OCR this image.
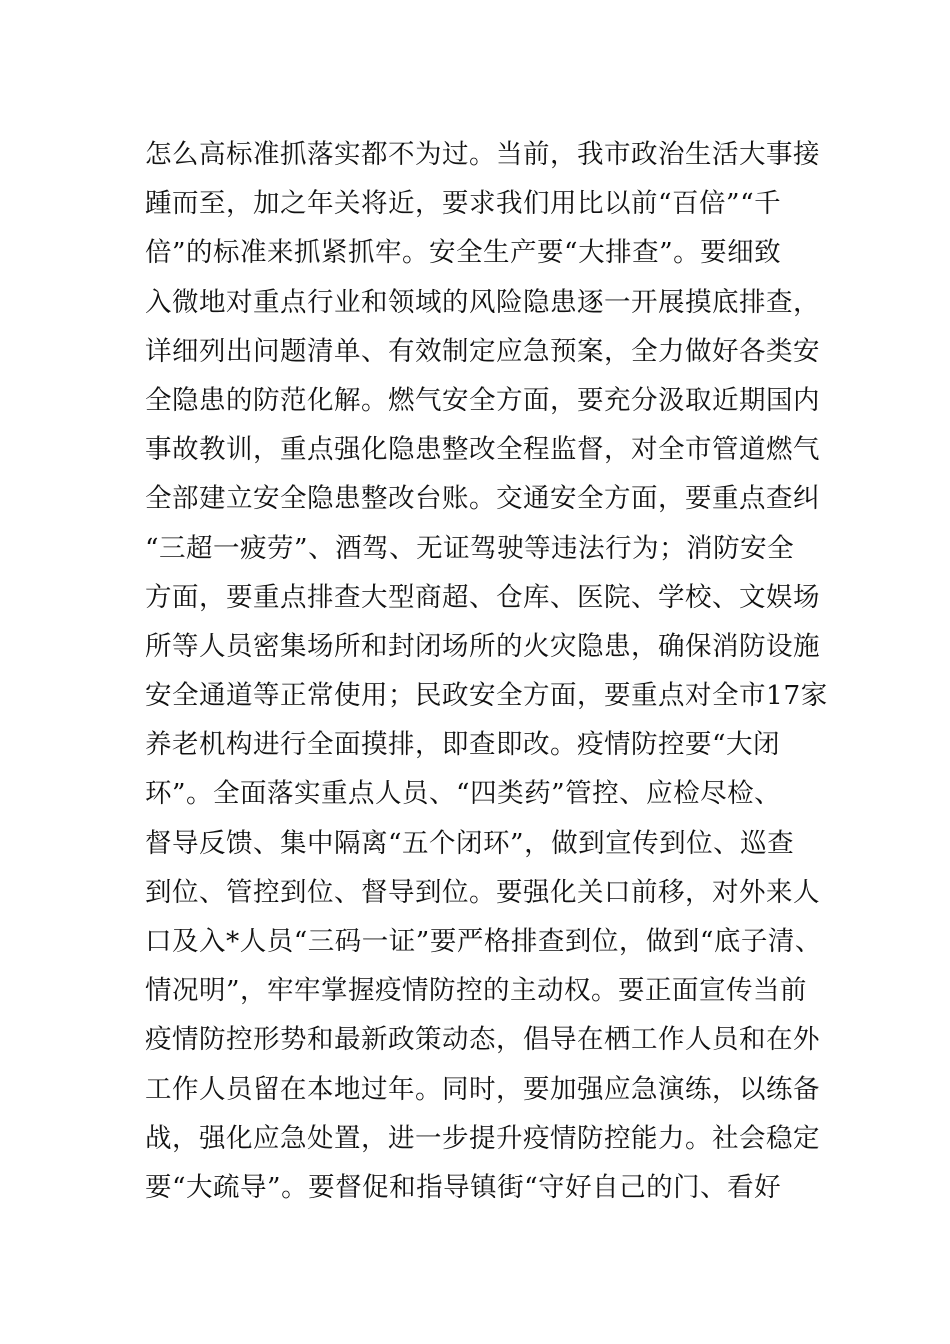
怎么高标准抓落实都不为过。当前，我市政治生活大事接
踵而至，加之年关将近，要求我们用比以前“百倍”“千
倍”的标准来抓紧抓牢。安全生产要“大排查”。要细致
入微地对重点行业和领域的风险隐患逐一开展摸底排查，
详细列出问题清单、有效制定应急预案，全力做好各类安
全隐患的防范化解。燃气安全方面，要充分汲取近期国内
事故教训，重点强化隐患整改全程监督，对全市管道燃气
全部建立安全隐患整改台账。交通安全方面，要重点查纠
“三超一疲劳”、酒驾、无证驾驶等违法行为；消防安全
方面，要重点排查大型商超、仓库、医院、学校、文娱场
所等人员密集场所和封闭场所的火灾隐患，确保消防设施
安全通道等正常使用；民政安全方面，要重点对全市17家
养老机构进行全面摸排，即查即改。疫情防控要“大闭
环”。全面落实重点人员、“四类药”管控、应检尽检、
督导反馈、集中隔离“五个闭环”，做到宣传到位、巡查
到位、管控到位、督导到位。要强化关口前移，对外来人
口及入*人员“三码一证”要严格排查到位，做到“底子清、
情况明”，牢牢掌握疫情防控的主动权。要正面宣传当前
疫情防控形势和最新政策动态，倡导在栖工作人员和在外
工作人员留在本地过年。同时，要加强应急演练，以练备
战，强化应急处置，进一步提升疫情防控能力。社会稳定
要“大疏导”。要督促和指导镇街“守好自己的门、看好
